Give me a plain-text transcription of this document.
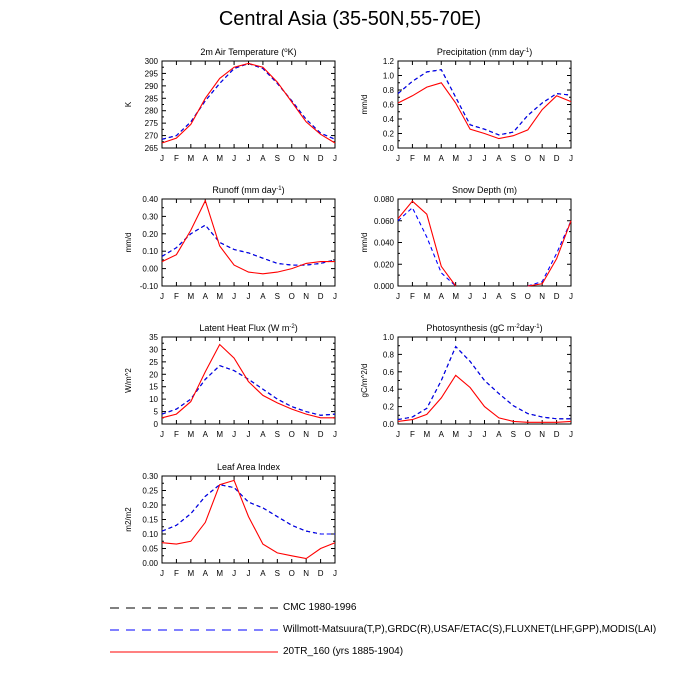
Central Asia (35-50N,55-70E)
2m Air Temperature ($^o$K)
265
270
275
280
285
290
295
300
J F M A M J J A S O N D J
K
Precipitation (mm day$^{-1}$)
0.0
0.2
0.4
0.6
0.8
1.0
1.2
J F M A M J J A S O N D J
mm/d
Runoff (mm day$^{-1}$)
-0.10
0.00
0.10
0.20
0.30
0.40
J F M A M J J A S O N D J
mm/d
Snow Depth (m)
0.000
0.020
0.040
0.060
0.080
J F M A M J J A S O N D J
mm/d
Latent Heat Flux (W $m^{-2}$)
0
5
10
15
20
25
30
35
J F M A M J J A S O N D J
W/m^2
Photosynthesis (gC $m^{-2}day^{-1}$)
0.0
0.2
0.4
0.6
0.8
1.0
J F M A M J J A S O N D J
gC/m^2/d
Leaf Area Index
0.00
0.05
0.10
0.15
0.20
0.25
0.30
J F M A M J J A S O N D J
m2/m2
CMC 1980-1996
Willmott-Matsuura(T,P),GRDC(R),USAF/ETAC(S),FLUXNET(LHF,GPP),MODIS(LAI)
20TR_160 (yrs 1885-1904)
